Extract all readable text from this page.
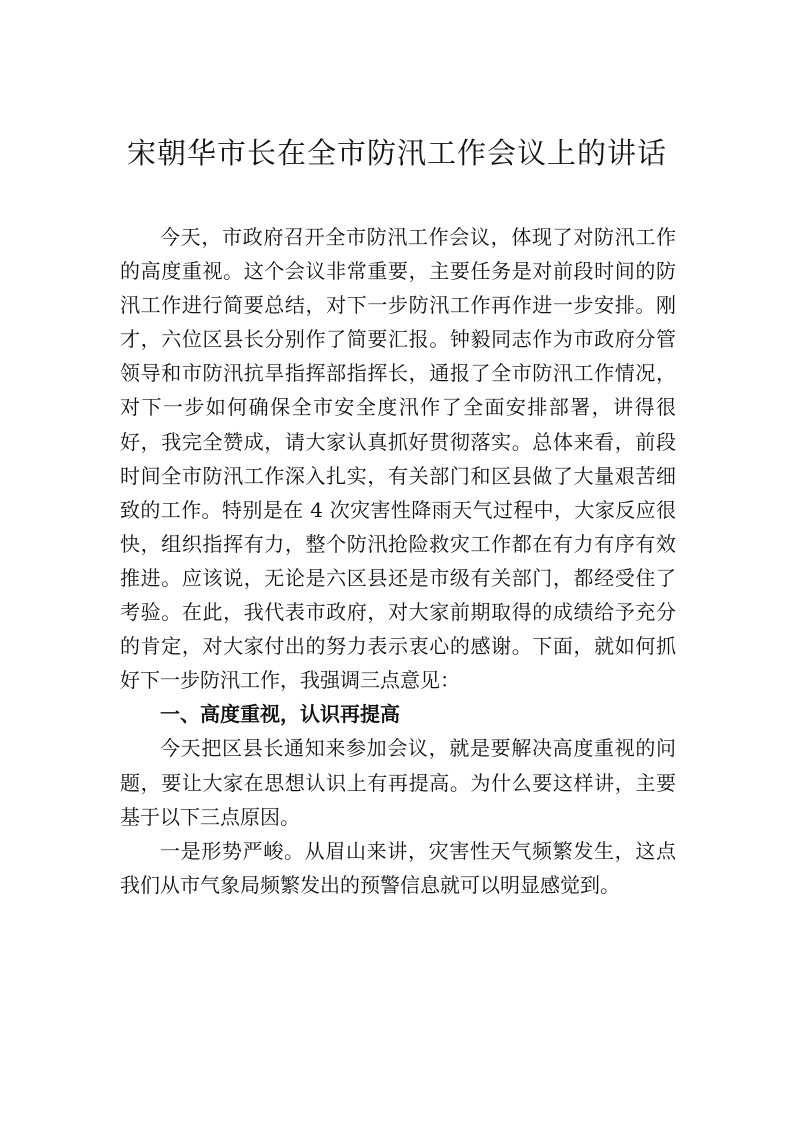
宋朝华市长在全市防汛工作会议上的讲话

今天，市政府召开全市防汛工作会议，体现了对防汛工作的高度重视。这个会议非常重要，主要任务是对前段时间的防汛工作进行简要总结，对下一步防汛工作再作进一步安排。刚才，六位区县长分别作了简要汇报。钟毅同志作为市政府分管领导和市防汛抗旱指挥部指挥长，通报了全市防汛工作情况，对下一步如何确保全市安全度汛作了全面安排部署，讲得很好，我完全赞成，请大家认真抓好贯彻落实。总体来看，前段时间全市防汛工作深入扎实，有关部门和区县做了大量艰苦细致的工作。特别是在 4 次灾害性降雨天气过程中，大家反应很快，组织指挥有力，整个防汛抢险救灾工作都在有力有序有效推进。应该说，无论是六区县还是市级有关部门，都经受住了考验。在此，我代表市政府，对大家前期取得的成绩给予充分的肯定，对大家付出的努力表示衷心的感谢。下面，就如何抓好下一步防汛工作，我强调三点意见：

一、高度重视，认识再提高

今天把区县长通知来参加会议，就是要解决高度重视的问题，要让大家在思想认识上有再提高。为什么要这样讲，主要基于以下三点原因。

一是形势严峻。从眉山来讲，灾害性天气频繁发生，这点我们从市气象局频繁发出的预警信息就可以明显感觉到。
